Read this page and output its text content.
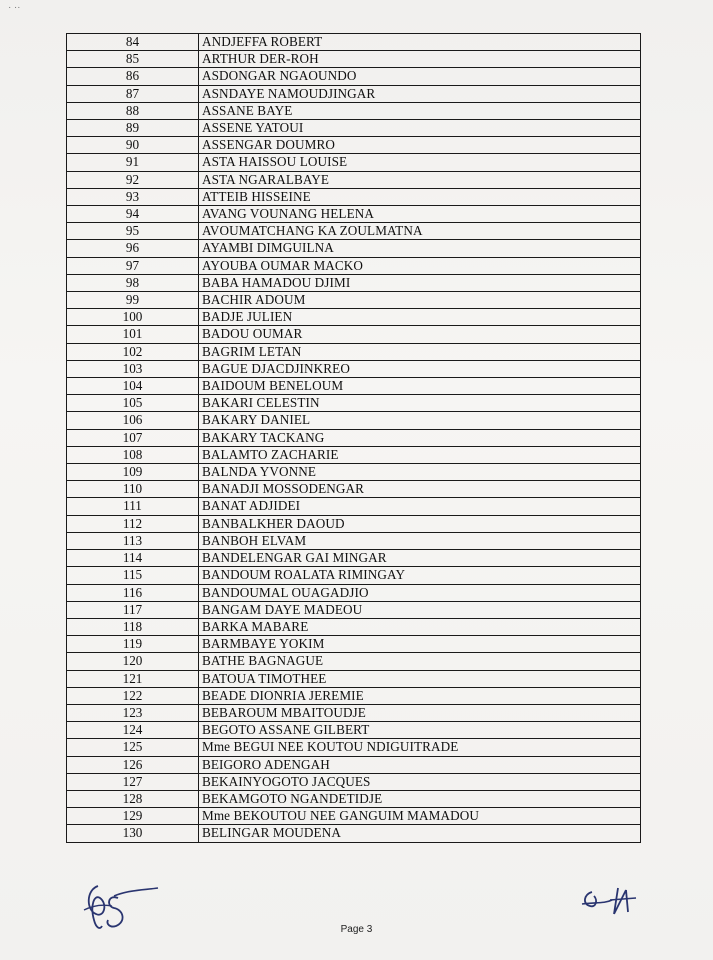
˙ ˙˙
84	ANDJEFFA ROBERT
85	ARTHUR DER-ROH
86	ASDONGAR NGAOUNDO
87	ASNDAYE NAMOUDJINGAR
88	ASSANE BAYE
89	ASSENE YATOUI
90	ASSENGAR DOUMRO
91	ASTA HAISSOU LOUISE
92	ASTA NGARALBAYE
93	ATTEIB HISSEINE
94	AVANG VOUNANG HELENA
95	AVOUMATCHANG KA ZOULMATNA
96	AYAMBI DIMGUILNA
97	AYOUBA OUMAR MACKO
98	BABA HAMADOU DJIMI
99	BACHIR ADOUM
100	BADJE JULIEN
101	BADOU OUMAR
102	BAGRIM LETAN
103	BAGUE DJACDJINKREO
104	BAIDOUM BENELOUM
105	BAKARI CELESTIN
106	BAKARY DANIEL
107	BAKARY TACKANG
108	BALAMTO ZACHARIE
109	BALNDA YVONNE
110	BANADJI MOSSODENGAR
111	BANAT ADJIDEI
112	BANBALKHER DAOUD
113	BANBOH ELVAM
114	BANDELENGAR GAI MINGAR
115	BANDOUM ROALATA RIMINGAY
116	BANDOUMAL OUAGADJIO
117	BANGAM DAYE MADEOU
118	BARKA MABARE
119	BARMBAYE YOKIM
120	BATHE BAGNAGUE
121	BATOUA TIMOTHEE
122	BEADE DIONRIA JEREMIE
123	BEBAROUM MBAITOUDJE
124	BEGOTO ASSANE GILBERT
125	Mme BEGUI NEE KOUTOU NDIGUITRADE
126	BEIGORO ADENGAH
127	BEKAINYOGOTO JACQUES
128	BEKAMGOTO NGANDETIDJE
129	Mme BEKOUTOU NEE GANGUIM MAMADOU
130	BELINGAR MOUDENA
Page 3
